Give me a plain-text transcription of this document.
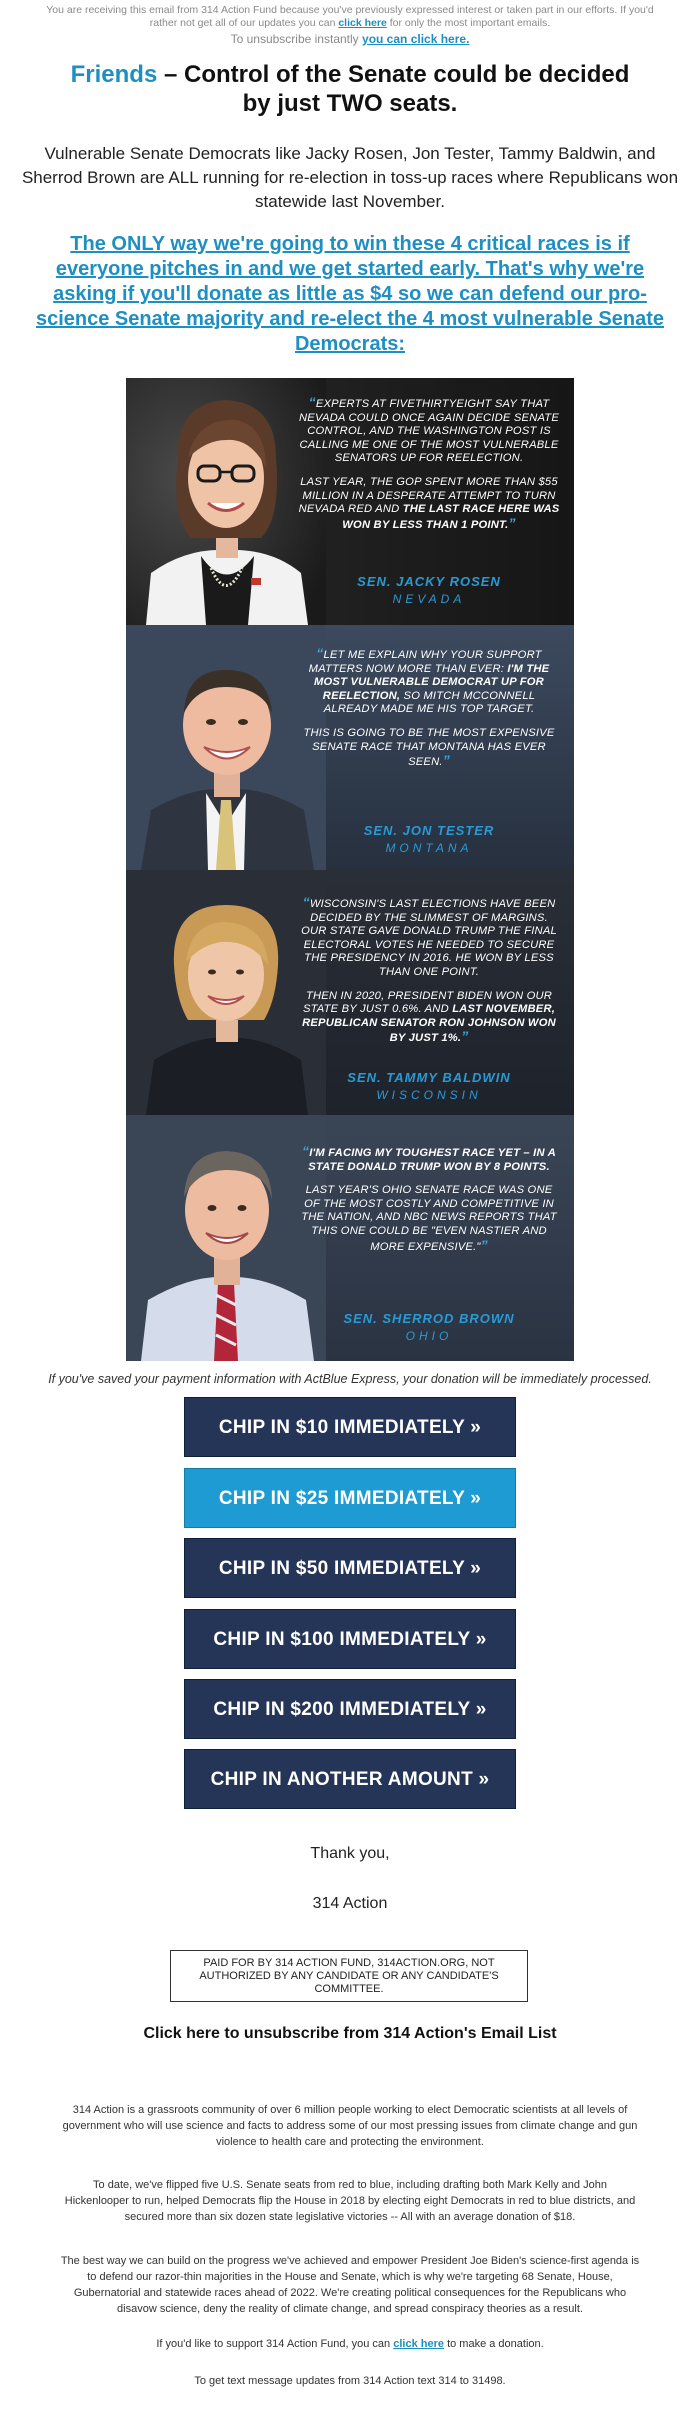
You are receiving this email from 314 Action Fund because you've previously expressed interest or taken part in our efforts. If you'd rather not get all of our updates you can click here for only the most important emails.
To unsubscribe instantly you can click here.
Friends – Control of the Senate could be decided by just TWO seats.
Vulnerable Senate Democrats like Jacky Rosen, Jon Tester, Tammy Baldwin, and Sherrod Brown are ALL running for re-election in toss-up races where Republicans won statewide last November.
The ONLY way we're going to win these 4 critical races is if everyone pitches in and we get started early. That's why we're asking if you'll donate as little as $4 so we can defend our pro-science Senate majority and re-elect the 4 most vulnerable Senate Democrats:

“EXPERTS AT FIVETHIRTYEIGHT SAY THAT NEVADA COULD ONCE AGAIN DECIDE SENATE CONTROL, AND THE WASHINGTON POST IS CALLING ME ONE OF THE MOST VULNERABLE SENATORS UP FOR REELECTION.

LAST YEAR, THE GOP SPENT MORE THAN $55 MILLION IN A DESPERATE ATTEMPT TO TURN NEVADA RED AND THE LAST RACE HERE WAS WON BY LESS THAN 1 POINT.”

SEN. JACKY ROSEN
NEVADA

“LET ME EXPLAIN WHY YOUR SUPPORT MATTERS NOW MORE THAN EVER: I'M THE MOST VULNERABLE DEMOCRAT UP FOR REELECTION, SO MITCH MCCONNELL ALREADY MADE ME HIS TOP TARGET.

THIS IS GOING TO BE THE MOST EXPENSIVE SENATE RACE THAT MONTANA HAS EVER SEEN.”

SEN. JON TESTER
MONTANA

“WISCONSIN'S LAST ELECTIONS HAVE BEEN DECIDED BY THE SLIMMEST OF MARGINS. OUR STATE GAVE DONALD TRUMP THE FINAL ELECTORAL VOTES HE NEEDED TO SECURE THE PRESIDENCY IN 2016. HE WON BY LESS THAN ONE POINT.

THEN IN 2020, PRESIDENT BIDEN WON OUR STATE BY JUST 0.6%. AND LAST NOVEMBER, REPUBLICAN SENATOR RON JOHNSON WON BY JUST 1%.”

SEN. TAMMY BALDWIN
WISCONSIN

“I'M FACING MY TOUGHEST RACE YET – IN A STATE DONALD TRUMP WON BY 8 POINTS.

LAST YEAR'S OHIO SENATE RACE WAS ONE OF THE MOST COSTLY AND COMPETITIVE IN THE NATION, AND NBC NEWS REPORTS THAT THIS ONE COULD BE "EVEN NASTIER AND MORE EXPENSIVE."”

SEN. SHERROD BROWN
OHIO
If you've saved your payment information with ActBlue Express, your donation will be immediately processed.
CHIP IN $10 IMMEDIATELY »
CHIP IN $25 IMMEDIATELY »
CHIP IN $50 IMMEDIATELY »
CHIP IN $100 IMMEDIATELY »
CHIP IN $200 IMMEDIATELY »
CHIP IN ANOTHER AMOUNT »
Thank you,
314 Action
PAID FOR BY 314 ACTION FUND, 314ACTION.ORG, NOT AUTHORIZED BY ANY CANDIDATE OR ANY CANDIDATE'S COMMITTEE.
Click here to unsubscribe from 314 Action's Email List
314 Action is a grassroots community of over 6 million people working to elect Democratic scientists at all levels of government who will use science and facts to address some of our most pressing issues from climate change and gun violence to health care and protecting the environment.
To date, we've flipped five U.S. Senate seats from red to blue, including drafting both Mark Kelly and John Hickenlooper to run, helped Democrats flip the House in 2018 by electing eight Democrats in red to blue districts, and secured more than six dozen state legislative victories -- All with an average donation of $18.
The best way we can build on the progress we've achieved and empower President Joe Biden's science-first agenda is to defend our razor-thin majorities in the House and Senate, which is why we're targeting 68 Senate, House, Gubernatorial and statewide races ahead of 2022. We're creating political consequences for the Republicans who disavow science, deny the reality of climate change, and spread conspiracy theories as a result.
If you'd like to support 314 Action Fund, you can click here to make a donation.
To get text message updates from 314 Action text 314 to 31498.
